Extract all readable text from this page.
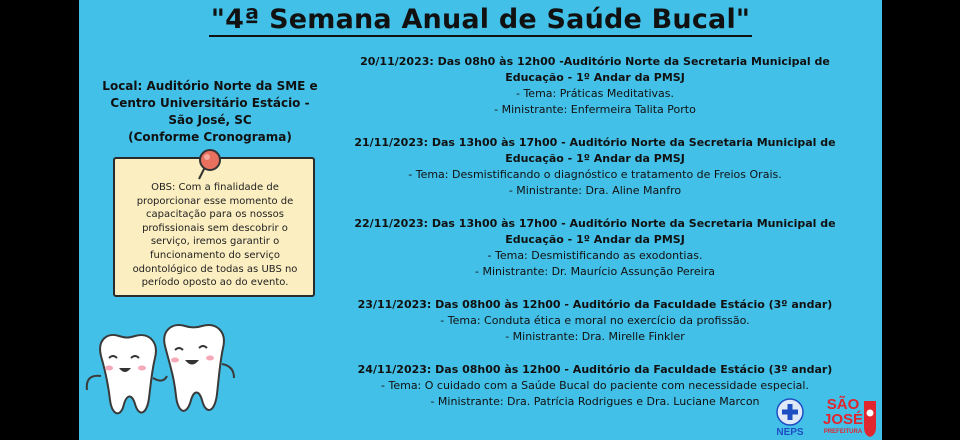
"4ª Semana Anual de Saúde Bucal"
Local: Auditório Norte da SME e
Centro Universitário Estácio -
São José, SC
(Conforme Cronograma)
OBS: Com a finalidade de
proporcionar esse momento de
capacitação para os nossos
profissionais sem descobrir o
serviço, iremos garantir o
funcionamento do serviço
odontológico de todas as UBS no
período oposto ao do evento.
20/11/2023: Das 08h0 às 12h00 -Auditório Norte da Secretaria Municipal de
Educação - 1º Andar da PMSJ
- Tema: Práticas Meditativas.
- Ministrante: Enfermeira Talita Porto
21/11/2023: Das 13h00 às 17h00 - Auditório Norte da Secretaria Municipal de
Educação - 1º Andar da PMSJ
- Tema: Desmistificando o diagnóstico e tratamento de Freios Orais.
- Ministrante: Dra. Aline Manfro
22/11/2023: Das 13h00 às 17h00 - Auditório Norte da Secretaria Municipal de
Educação - 1º Andar da PMSJ
- Tema: Desmistificando as exodontias.
- Ministrante: Dr. Maurício Assunção Pereira
23/11/2023: Das 08h00 às 12h00 - Auditório da Faculdade Estácio (3º andar)
- Tema: Conduta ética e moral no exercício da profissão.
- Ministrante: Dra. Mirelle Finkler
24/11/2023: Das 08h00 às 12h00 - Auditório da Faculdade Estácio (3º andar)
- Tema: O cuidado com a Saúde Bucal do paciente com necessidade especial.
- Ministrante: Dra. Patrícia Rodrigues e Dra. Luciane Marcon
NEPS
SÃO
JOSÉ
PREFEITURA
